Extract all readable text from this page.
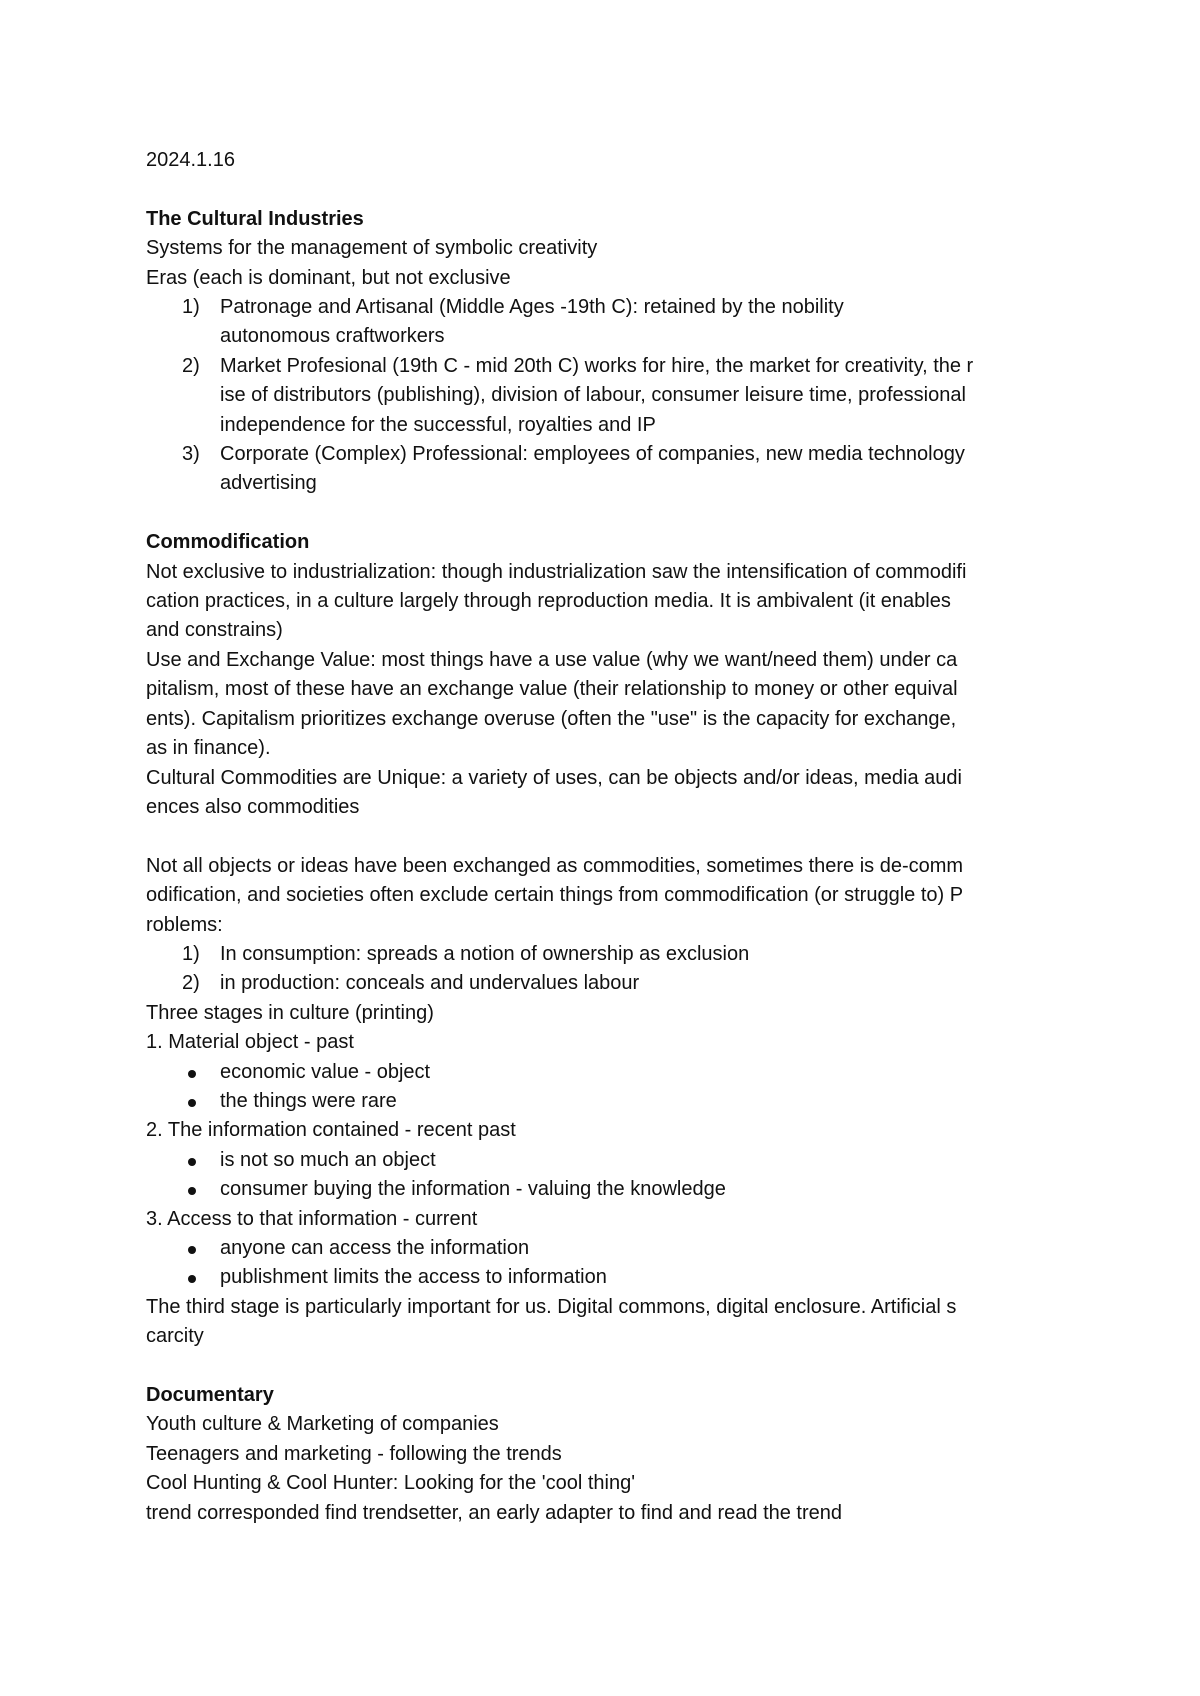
2024.1.16
The Cultural Industries
Systems for the management of symbolic creativity
Eras (each is dominant, but not exclusive
1)	Patronage and Artisanal (Middle Ages -19th C): retained by the nobility
autonomous craftworkers
2)	Market Profesional (19th C - mid 20th C) works for hire, the market for creativity, the r
ise of distributors (publishing), division of labour, consumer leisure time, professional
independence for the successful, royalties and IP
3)	Corporate (Complex) Professional: employees of companies, new media technology
advertising
Commodification
Not exclusive to industrialization: though industrialization saw the intensification of commodifi
cation practices, in a culture largely through reproduction media. It is ambivalent (it enables
and constrains)
Use and Exchange Value: most things have a use value (why we want/need them) under ca
pitalism, most of these have an exchange value (their relationship to money or other equival
ents). Capitalism prioritizes exchange overuse (often the "use" is the capacity for exchange,
as in finance).
Cultural Commodities are Unique: a variety of uses, can be objects and/or ideas, media audi
ences also commodities
Not all objects or ideas have been exchanged as commodities, sometimes there is de-comm
odification, and societies often exclude certain things from commodification (or struggle to) P
roblems:
1)	In consumption: spreads a notion of ownership as exclusion
2)	in production: conceals and undervalues labour
Three stages in culture (printing)
1. Material object - past
economic value - object
the things were rare
2. The information contained - recent past
is not so much an object
consumer buying the information - valuing the knowledge
3. Access to that information - current
anyone can access the information
publishment limits the access to information
The third stage is particularly important for us. Digital commons, digital enclosure. Artificial s
carcity
Documentary
Youth culture & Marketing of companies
Teenagers and marketing - following the trends
Cool Hunting & Cool Hunter: Looking for the 'cool thing'
trend corresponded find trendsetter, an early adapter to find and read the trend
